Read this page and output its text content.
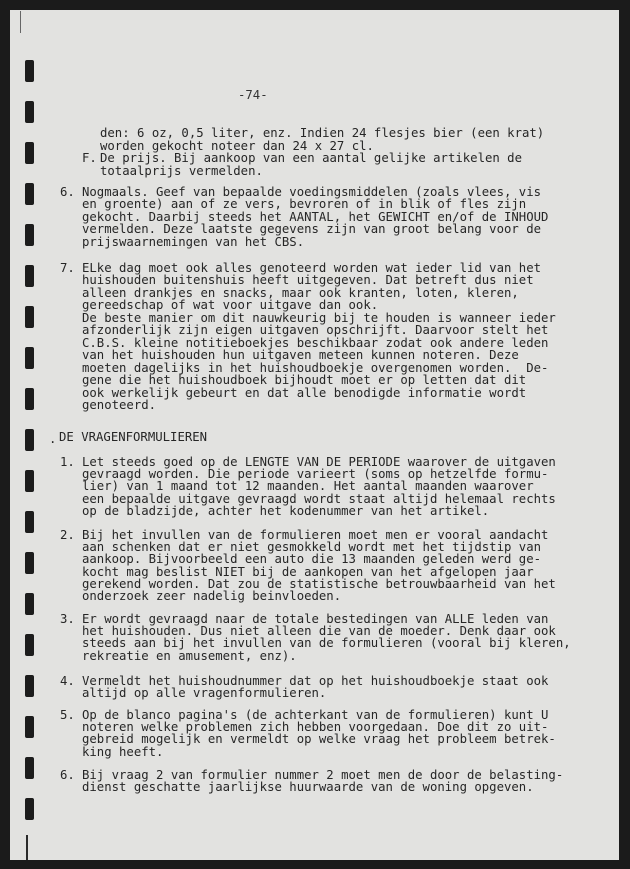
-74-
den: 6 oz, 0,5 liter, enz. Indien 24 flesjes bier (een krat)
worden gekocht noteer dan 24 x 27 cl.
F. De prijs. Bij aankoop van een aantal gelijke artikelen de
totaalprijs vermelden.
6. Nogmaals. Geef van bepaalde voedingsmiddelen (zoals vlees, vis
en groente) aan of ze vers, bevroren of in blik of fles zijn
gekocht. Daarbij steeds het AANTAL, het GEWICHT en/of de INHOUD
vermelden. Deze laatste gegevens zijn van groot belang voor de
prijswaarnemingen van het CBS.
7. ELke dag moet ook alles genoteerd worden wat ieder lid van het
huishouden buitenshuis heeft uitgegeven. Dat betreft dus niet
alleen drankjes en snacks, maar ook kranten, loten, kleren,
gereedschap of wat voor uitgave dan ook.
De beste manier om dit nauwkeurig bij te houden is wanneer ieder
afzonderlijk zijn eigen uitgaven opschrijft. Daarvoor stelt het
C.B.S. kleine notitieboekjes beschikbaar zodat ook andere leden
van het huishouden hun uitgaven meteen kunnen noteren. Deze
moeten dagelijks in het huishoudboekje overgenomen worden.  De-
gene die het huishoudboek bijhoudt moet er op letten dat dit
ook werkelijk gebeurt en dat alle benodigde informatie wordt
genoteerd.
. DE VRAGENFORMULIEREN
1. Let steeds goed op de LENGTE VAN DE PERIODE waarover de uitgaven
gevraagd worden. Die periode varieert (soms op hetzelfde formu-
lier) van 1 maand tot 12 maanden. Het aantal maanden waarover
een bepaalde uitgave gevraagd wordt staat altijd helemaal rechts
op de bladzijde, achter het kodenummer van het artikel.
2. Bij het invullen van de formulieren moet men er vooral aandacht
aan schenken dat er niet gesmokkeld wordt met het tijdstip van
aankoop. Bijvoorbeeld een auto die 13 maanden geleden werd ge-
kocht mag beslist NIET bij de aankopen van het afgelopen jaar
gerekend worden. Dat zou de statistische betrouwbaarheid van het
onderzoek zeer nadelig beinvloeden.
3. Er wordt gevraagd naar de totale bestedingen van ALLE leden van
het huishouden. Dus niet alleen die van de moeder. Denk daar ook
steeds aan bij het invullen van de formulieren (vooral bij kleren,
rekreatie en amusement, enz).
4. Vermeldt het huishoudnummer dat op het huishoudboekje staat ook
altijd op alle vragenformulieren.
5. Op de blanco pagina's (de achterkant van de formulieren) kunt U
noteren welke problemen zich hebben voorgedaan. Doe dit zo uit-
gebreid mogelijk en vermeldt op welke vraag het probleem betrek-
king heeft.
6. Bij vraag 2 van formulier nummer 2 moet men de door de belasting-
dienst geschatte jaarlijkse huurwaarde van de woning opgeven.
